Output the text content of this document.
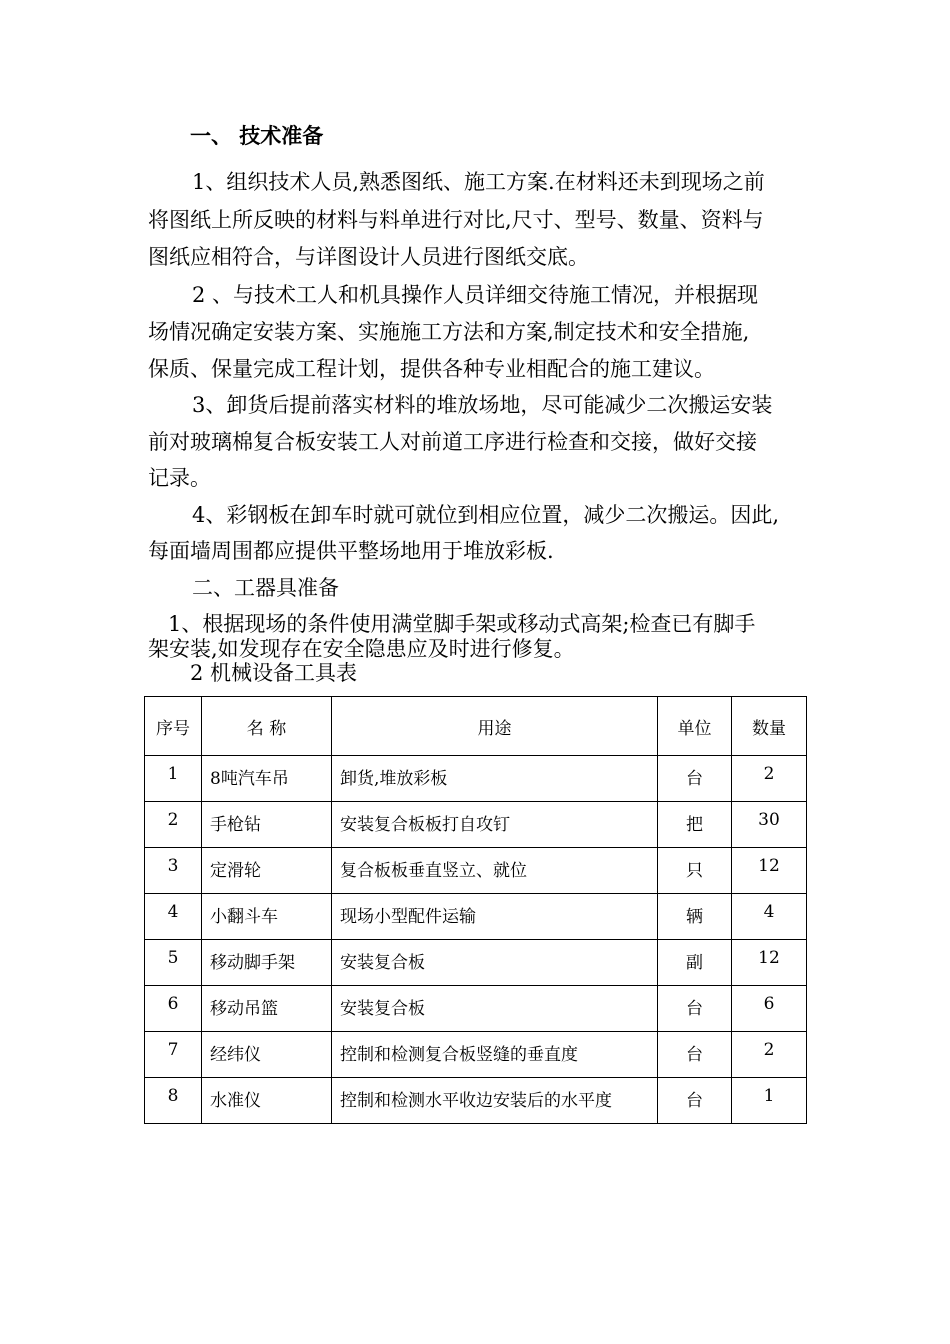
一、 技术准备
1、组织技术人员,熟悉图纸、施工方案.在材料还未到现场之前
将图纸上所反映的材料与料单进行对比,尺寸、型号、数量、资料与
图纸应相符合，与详图设计人员进行图纸交底。
2 、与技术工人和机具操作人员详细交待施工情况，并根据现
场情况确定安装方案、实施施工方法和方案,制定技术和安全措施,
保质、保量完成工程计划，提供各种专业相配合的施工建议。
3、卸货后提前落实材料的堆放场地，尽可能减少二次搬运安装
前对玻璃棉复合板安装工人对前道工序进行检查和交接，做好交接
记录。
4、彩钢板在卸车时就可就位到相应位置，减少二次搬运。因此,
每面墙周围都应提供平整场地用于堆放彩板.
二、工器具准备
1、根据现场的条件使用满堂脚手架或移动式高架;检查已有脚手
架安装,如发现存在安全隐患应及时进行修复。
2 机械设备工具表
序号	名 称	用途	单位	数量
1	8吨汽车吊	卸货,堆放彩板	台	2
2	手枪钻	安装复合板板打自攻钉	把	30
3	定滑轮	复合板板垂直竖立、就位	只	12
4	小翻斗车	现场小型配件运输	辆	4
5	移动脚手架	安装复合板	副	12
6	移动吊篮	安装复合板	台	6
7	经纬仪	控制和检测复合板竖缝的垂直度	台	2
8	水准仪	控制和检测水平收边安装后的水平度	台	1
